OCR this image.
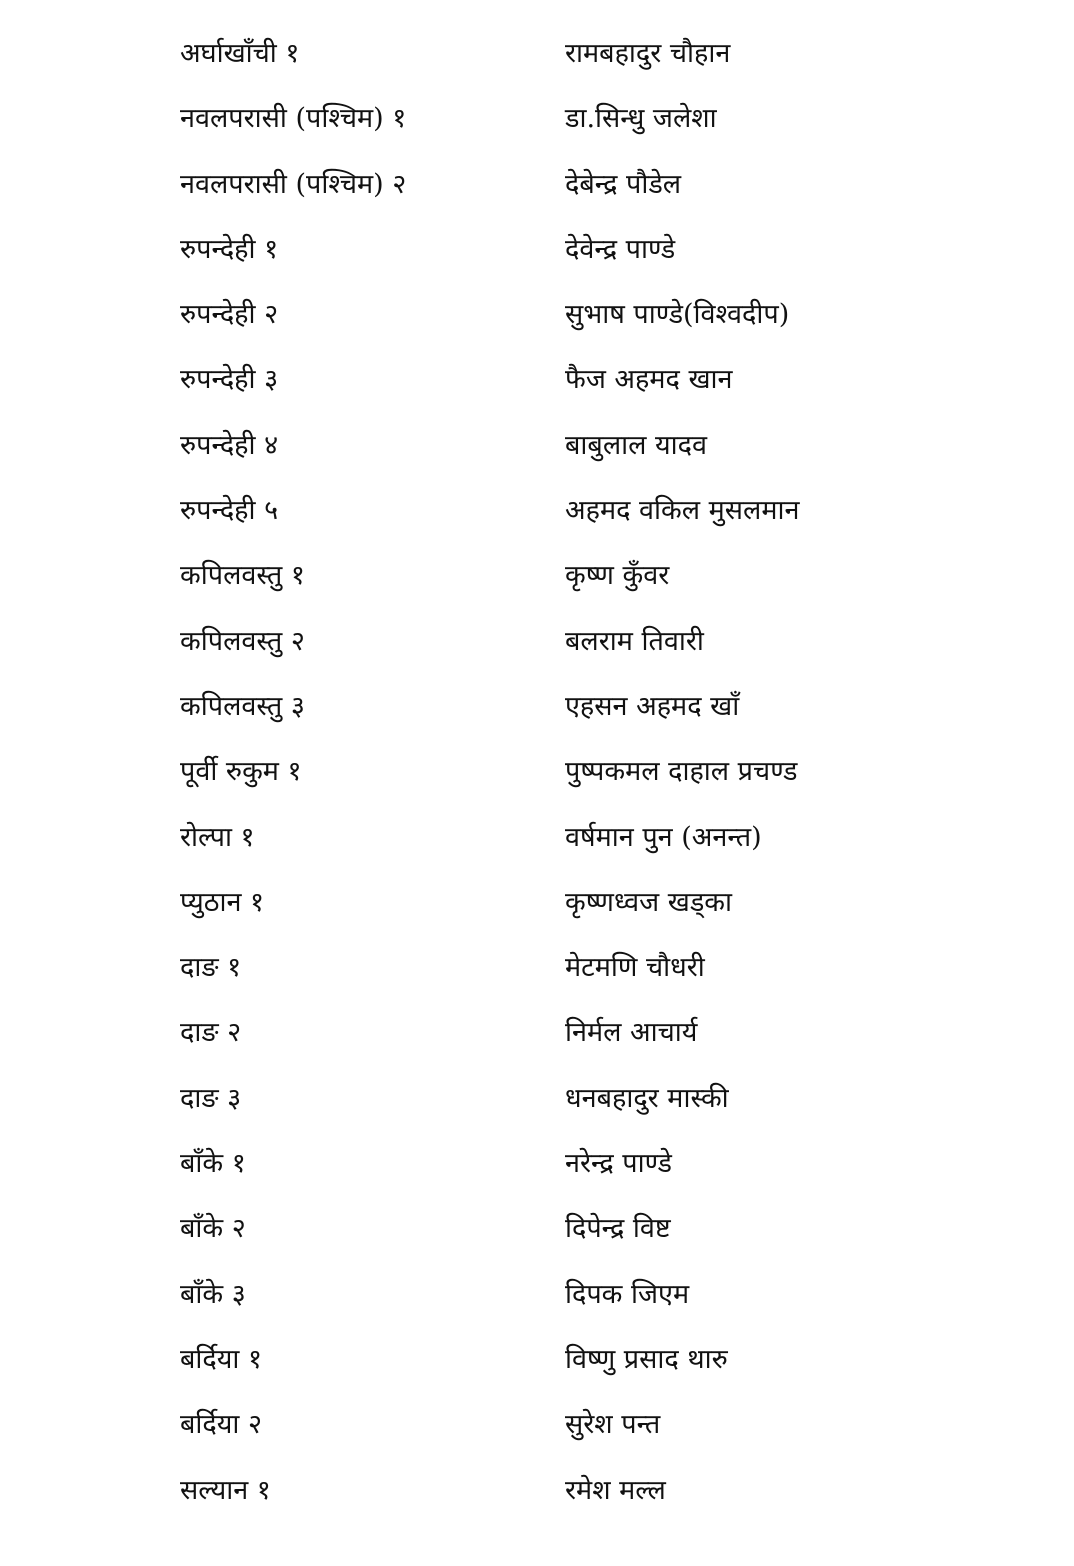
अर्घाखाँची १	रामबहादुर चौहान
नवलपरासी (पश्चिम) १	डा.सिन्धु जलेशा
नवलपरासी (पश्चिम) २	देबेन्द्र पौडेल
रुपन्देही १	देवेन्द्र पाण्डे
रुपन्देही २	सुभाष पाण्डे(विश्वदीप)
रुपन्देही ३	फैज अहमद खान
रुपन्देही ४	बाबुलाल यादव
रुपन्देही ५	अहमद वकिल मुसलमान
कपिलवस्तु १	कृष्ण कुँवर
कपिलवस्तु २	बलराम तिवारी
कपिलवस्तु ३	एहसन अहमद खाँ
पूर्वी रुकुम १	पुष्पकमल दाहाल प्रचण्ड
रोल्पा १	वर्षमान पुन (अनन्त)
प्युठान १	कृष्णध्वज खड्का
दाङ १	मेटमणि चौधरी
दाङ २	निर्मल आचार्य
दाङ ३	धनबहादुर मास्की
बाँके १	नरेन्द्र पाण्डे
बाँके २	दिपेन्द्र विष्ट
बाँके ३	दिपक जिएम
बर्दिया १	विष्णु प्रसाद थारु
बर्दिया २	सुरेश पन्त
सल्यान १	रमेश मल्ल
